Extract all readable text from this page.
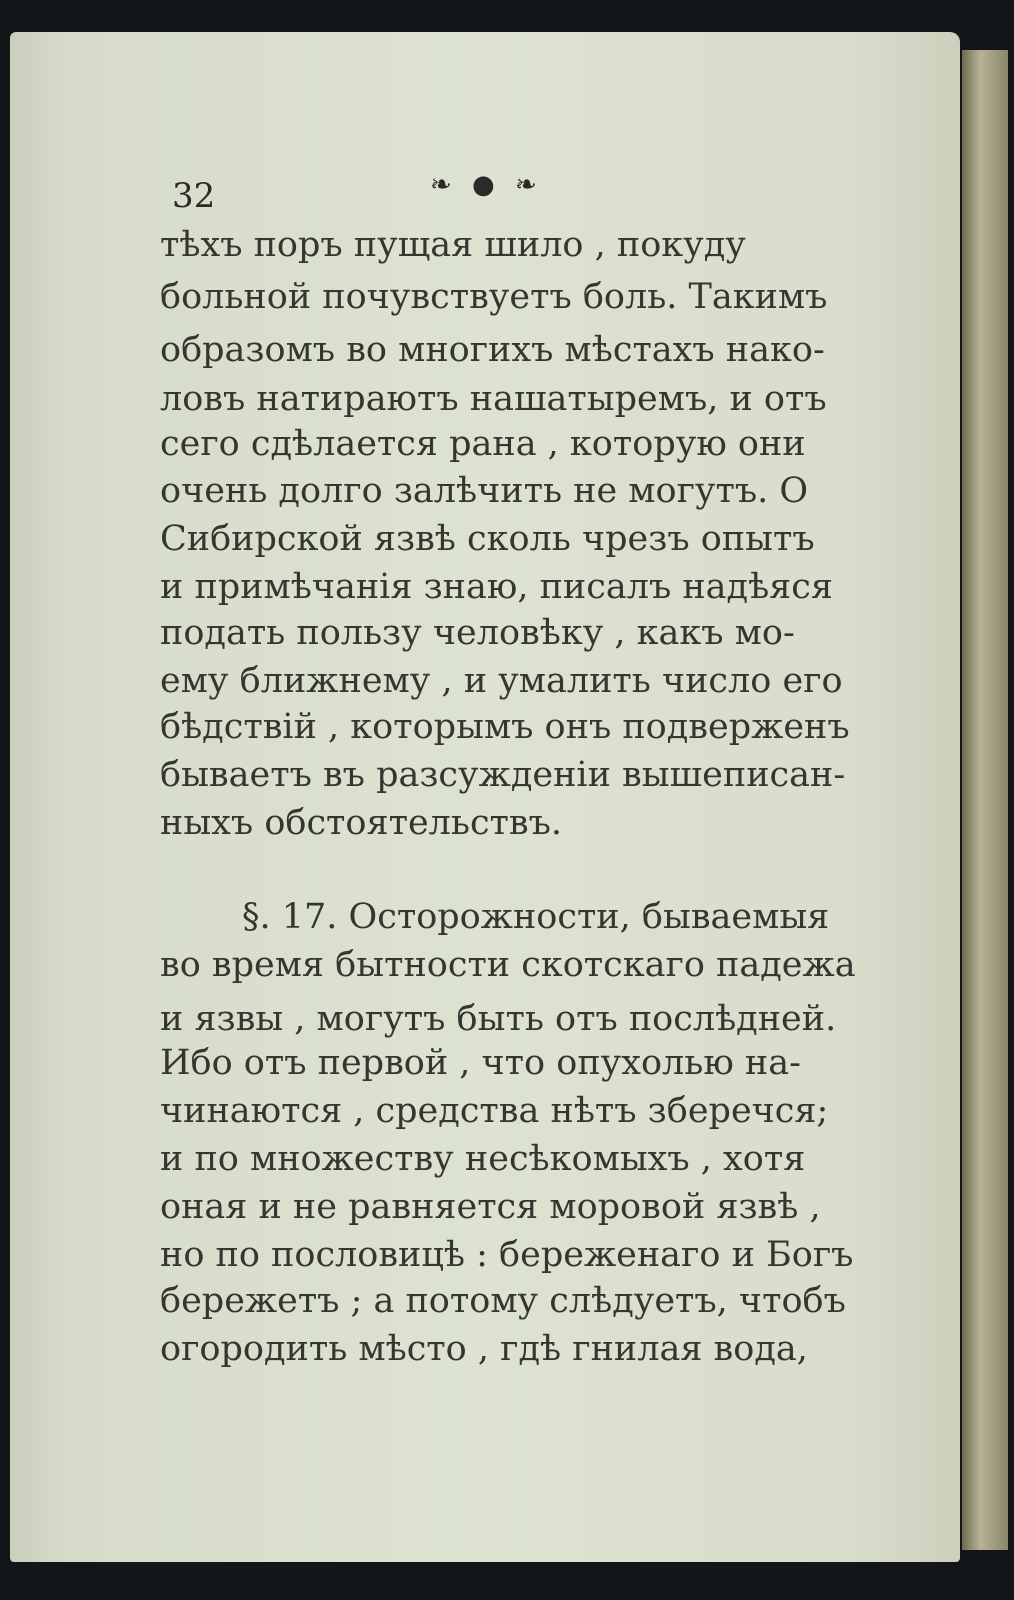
32	❧ ● ❧
тѣхъ поръ пущая шило , покуду
больной почувствуетъ боль. Такимъ
образомъ во многихъ мѣстахъ нако-
ловъ натираютъ нашатыремъ, и отъ
сего сдѣлается рана , которую они
очень долго залѣчить не могутъ. О
Сибирской язвѣ сколь чрезъ опытъ
и примѣчанія знаю, писалъ надѣяся
подать пользу человѣку , какъ мо-
ему ближнему , и умалить число его
бѣдствій , которымъ онъ подверженъ
бываетъ въ разсужденіи вышеписан-
ныхъ обстоятельствъ.
§. 17. Осторожности, бываемыя
во время бытности скотскаго падежа
и язвы , могутъ быть отъ послѣдней.
Ибо отъ первой , что опухолью на-
чинаются , средства нѣтъ зберечся;
и по множеству несѣкомыхъ , хотя
оная и не равняется моровой язвѣ ,
но по пословицѣ : береженаго и Богъ
бережетъ ; а потому слѣдуетъ, чтобъ
огородить мѣсто , гдѣ гнилая вода,
